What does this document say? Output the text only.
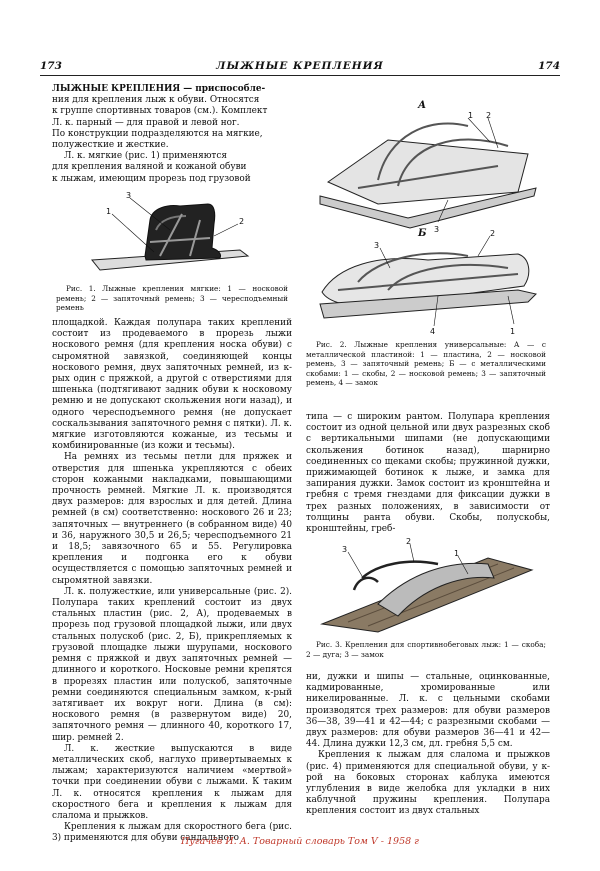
173	ЛЫЖНЫЕ КРЕПЛЕНИЯ	174

ЛЫЖНЫЕ КРЕПЛЕНИЯ — приспособле-

ния для крепления лыж к обуви. Относятся

к группе спортивных товаров (см.). Комплект

Л. к. парный — для правой и левой ног.

По конструкции подразделяются на мягкие,

полужесткие и жесткие.

Л. к. мягкие (рис. 1) применяются

для крепления валяной и кожаной обуви

к лыжам, имеющим прорезь под грузовой

3
1
2

Рис. 1. Лыжные крепления мягкие: 1 — носковой ремень; 2 — запяточный ремень; 3 — чересподъемный ремень

площадкой. Каждая полупара таких креплений состоит из продеваемого в прорезь лыжи носкового ремня (для крепления носка обуви) с сыромятной завязкой, соединяющей концы носкового ремня, двух запяточных ремней, из к-рых один с пряжкой, а другой с отверстиями для шпенька (подтягивают задник обуви к носковому ремню и не допускают скольжения ноги назад), и одного чересподъемного ремня (не допускает соскальзывания запяточного ремня с пятки). Л. к. мягкие изготовляются кожаные, из тесьмы и комбинированные (из кожи и тесьмы).

На ремнях из тесьмы петли для пряжек и отверстия для шпенька укрепляются с обеих сторон кожаными накладками, повышающими прочность ремней. Мягкие Л. к. производятся двух размеров: для взрослых и для детей. Длина ремней (в см) соответственно: носкового 26 и 23; запяточных — внутреннего (в собранном виде) 40 и 36, наружного 30,5 и 26,5; чересподъемного 21 и 18,5; завязочного 65 и 55. Регулировка крепления и подгонка его к обуви осуществляется с помощью запяточных ремней и сыромятной завязки.

Л. к. полужесткие, или универсальные (рис. 2). Полупара таких креплений состоит из двух стальных пластин (рис. 2, А), продеваемых в прорезь под грузовой площадкой лыжи, или двух стальных полускоб (рис. 2, Б), прикрепляемых к грузовой площадке лыжи шурупами, носкового ремня с пряжкой и двух запяточных ремней — длинного и короткого. Носковые ремни крепятся в прорезях пластин или полускоб, запяточные ремни соединяются специальным замком, к-рый затягивает их вокруг ноги. Длина (в см): носкового ремня (в развернутом виде) 20, запяточного ремня — длинного 40, короткого 17, шир. ремней 2.

Л. к. жесткие выпускаются в виде металлических скоб, наглухо привертываемых к лыжам; характеризуются наличием «мертвой» точки при соединении обуви с лыжами. К таким Л. к. относятся крепления к лыжам для скоростного бега и крепления к лыжам для слалома и прыжков.

Крепления к лыжам для скоростного бега (рис. 3) применяются для обуви сандального

А
1 2
3
Б
3
2
4	1

Рис. 2. Лыжные крепления универсальные: А — с металлической пластиной: 1 — пластина, 2 — носковой ремень, 3 — запяточный ремень; Б — с металлическими скобами: 1 — скобы, 2 — носковой ремень; 3 — запяточный ремень, 4 — замок

типа — с широким рантом. Полупара крепления состоит из одной цельной или двух разрезных скоб с вертикальными шипами (не допускающими скольжения ботинок назад), шарнирно соединенных со щеками скобы; пружинной дужки, прижимающей ботинок к лыже, и замка для запирания дужки. Замок состоит из кронштейна и гребня с тремя гнездами для фиксации дужки в трех разных положениях, в зависимости от толщины ранта обуви. Скобы, полускобы, кронштейны, греб-

3
2
1

Рис. 3. Крепления для спортивнобеговых лыж: 1 — скоба; 2 — дуга; 3 — замок

ни, дужки и шипы — стальные, оцинкованные, кадмированные, хромированные или никелированные. Л. к. с цельными скобами производятся трех размеров: для обуви размеров 36—38, 39—41 и 42—44; с разрезными скобами — двух размеров: для обуви размеров 36—41 и 42—44. Длина дужки 12,3 см, дл. гребня 5,5 см.

Крепления к лыжам для слалома и прыжков (рис. 4) применяются для специальной обуви, у к-рой на боковых сторонах каблука имеются углубления в виде желобка для укладки в них каблучной пружины крепления. Полупара крепления состоит из двух стальных

Пугачёв И. А. Товарный словарь Том V - 1958 г
